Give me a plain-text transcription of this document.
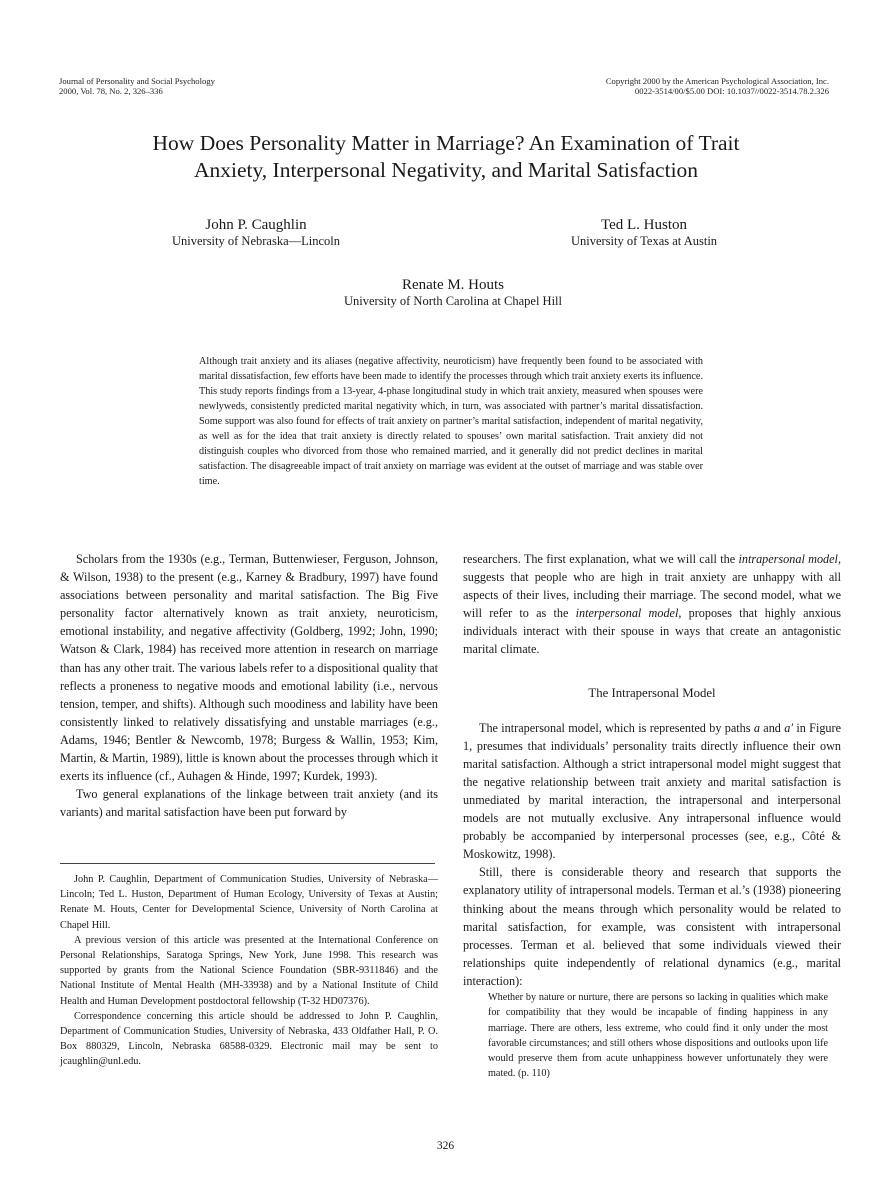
Journal of Personality and Social Psychology
2000, Vol. 78, No. 2, 326–336
Copyright 2000 by the American Psychological Association, Inc.
0022-3514/00/$5.00 DOI: 10.1037//0022-3514.78.2.326
How Does Personality Matter in Marriage? An Examination of Trait
Anxiety, Interpersonal Negativity, and Marital Satisfaction
John P. Caughlin
University of Nebraska—Lincoln
Ted L. Huston
University of Texas at Austin
Renate M. Houts
University of North Carolina at Chapel Hill
Although trait anxiety and its aliases (negative affectivity, neuroticism) have frequently been found to be associated with marital dissatisfaction, few efforts have been made to identify the processes through which trait anxiety exerts its influence. This study reports findings from a 13-year, 4-phase longitudinal study in which trait anxiety, measured when spouses were newlyweds, consistently predicted marital negativity which, in turn, was associated with partner’s marital dissatisfaction. Some support was also found for effects of trait anxiety on partner’s marital satisfaction, independent of marital negativity, as well as for the idea that trait anxiety is directly related to spouses’ own marital satisfaction. Trait anxiety did not distinguish couples who divorced from those who remained married, and it generally did not predict declines in marital satisfaction. The disagreeable impact of trait anxiety on marriage was evident at the outset of marriage and was stable over time.

Scholars from the 1930s (e.g., Terman, Buttenwieser, Ferguson, Johnson, & Wilson, 1938) to the present (e.g., Karney & Bradbury, 1997) have found associations between personality and marital satisfaction. The Big Five personality factor alternatively known as trait anxiety, neuroticism, emotional instability, and negative affectivity (Goldberg, 1992; John, 1990; Watson & Clark, 1984) has received more attention in research on marriage than has any other trait. The various labels refer to a dispositional quality that reflects a proneness to negative moods and emotional lability (i.e., nervous tension, temper, and shifts). Although such moodiness and lability have been consistently linked to relatively dissatisfying and unstable marriages (e.g., Adams, 1946; Bentler & Newcomb, 1978; Burgess & Wallin, 1953; Kim, Martin, & Martin, 1989), little is known about the processes through which it exerts its influence (cf., Auhagen & Hinde, 1997; Kurdek, 1993).

Two general explanations of the linkage between trait anxiety (and its variants) and marital satisfaction have been put forward by

John P. Caughlin, Department of Communication Studies, University of Nebraska—Lincoln; Ted L. Huston, Department of Human Ecology, University of Texas at Austin; Renate M. Houts, Center for Developmental Science, University of North Carolina at Chapel Hill.

A previous version of this article was presented at the International Conference on Personal Relationships, Saratoga Springs, New York, June 1998. This research was supported by grants from the National Science Foundation (SBR-9311846) and the National Institute of Mental Health (MH-33938) and by a National Institute of Child Health and Human Development postdoctoral fellowship (T-32 HD07376).

Correspondence concerning this article should be addressed to John P. Caughlin, Department of Communication Studies, University of Nebraska, 433 Oldfather Hall, P. O. Box 880329, Lincoln, Nebraska 68588-0329. Electronic mail may be sent to jcaughlin@unl.edu.

researchers. The first explanation, what we will call the intrapersonal model, suggests that people who are high in trait anxiety are unhappy with all aspects of their lives, including their marriage. The second model, what we will refer to as the interpersonal model, proposes that highly anxious individuals interact with their spouse in ways that create an antagonistic marital climate.

The Intrapersonal Model

The intrapersonal model, which is represented by paths a and a′ in Figure 1, presumes that individuals’ personality traits directly influence their own marital satisfaction. Although a strict intrapersonal model might suggest that the negative relationship between trait anxiety and marital satisfaction is unmediated by marital interaction, the intrapersonal and interpersonal models are not mutually exclusive. Any intrapersonal influence would probably be accompanied by interpersonal processes (see, e.g., Côté & Moskowitz, 1998).

Still, there is considerable theory and research that supports the explanatory utility of intrapersonal models. Terman et al.’s (1938) pioneering thinking about the means through which personality would be related to marital satisfaction, for example, was consistent with intrapersonal processes. Terman et al. believed that some individuals viewed their relationships quite independently of relational dynamics (e.g., marital interaction):

Whether by nature or nurture, there are persons so lacking in qualities which make for compatibility that they would be incapable of finding happiness in any marriage. There are others, less extreme, who could find it only under the most favorable circumstances; and still others whose dispositions and outlooks upon life would preserve them from acute unhappiness however unfortunately they were mated. (p. 110)
326
